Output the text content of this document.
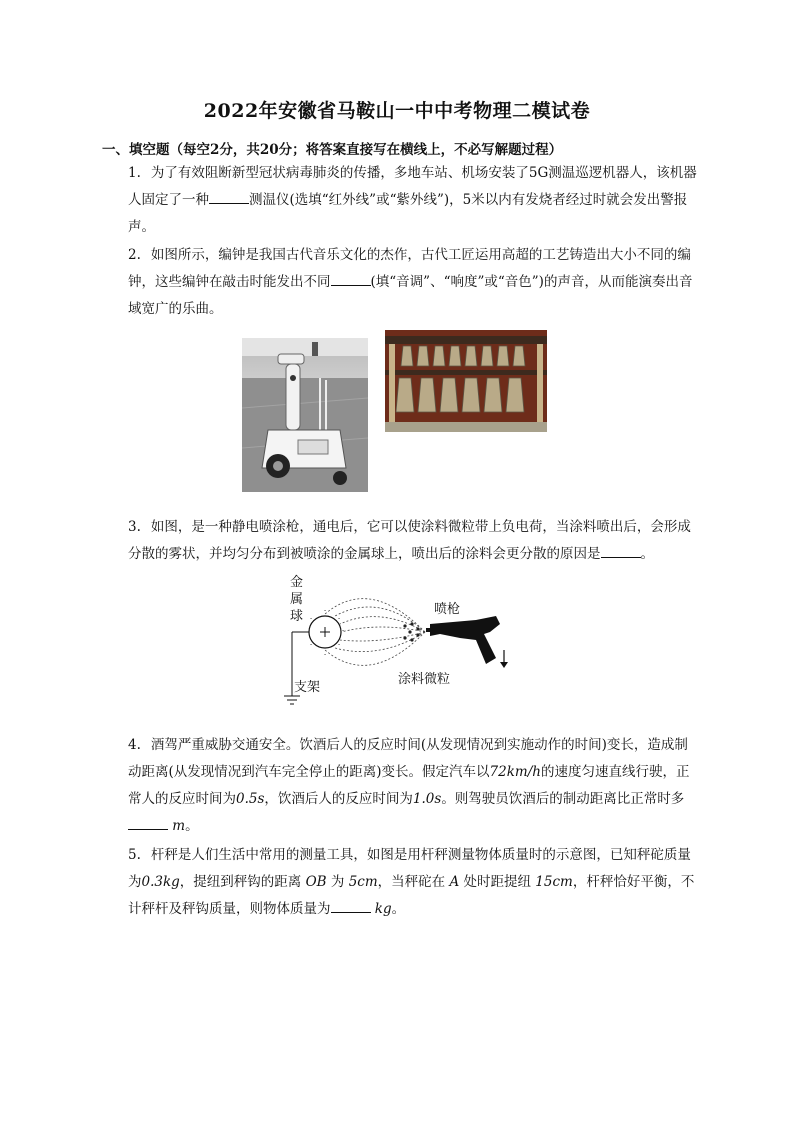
2022年安徽省马鞍山一中中考物理二模试卷
一、填空题（每空2分，共20分；将答案直接写在横线上，不必写解题过程）

1. 为了有效阻断新型冠状病毒肺炎的传播，多地车站、机场安装了5G测温巡逻机器人，该机器人固定了一种	测温仪(选填“红外线”或“紫外线”)，5米以内有发烧者经过时就会发出警报声。

2. 如图所示，编钟是我国古代音乐文化的杰作，古代工匠运用高超的工艺铸造出大小不同的编钟，这些编钟在敲击时能发出不同	(填“音调”、“响度”或“音色”)的声音，从而能演奏出音域宽广的乐曲。

3. 如图，是一种静电喷涂枪，通电后，它可以使涂料微粒带上负电荷，当涂料喷出后，会形成分散的雾状，并均匀分布到被喷涂的金属球上，喷出后的涂料会更分散的原因是	。

-
-
-
-
-
-
-
金属球	喷枪
支架
涂料微粒

4. 酒驾严重威胁交通安全。饮酒后人的反应时间(从发现情况到实施动作的时间)变长，造成制动距离(从发现情况到汽车完全停止的距离)变长。假定汽车以72km/h的速度匀速直线行驶，正常人的反应时间为0.5s，饮酒后人的反应时间为1.0s。则驾驶员饮酒后的制动距离比正常时多 m。

5. 杆秤是人们生活中常用的测量工具，如图是用杆秤测量物体质量时的示意图，已知秤砣质量为0.3kg，提纽到秤钩的距离 OB 为 5cm，当秤砣在 A 处时距提纽 15cm，杆秤恰好平衡，不计秤杆及秤钩质量，则物体质量为	kg。
